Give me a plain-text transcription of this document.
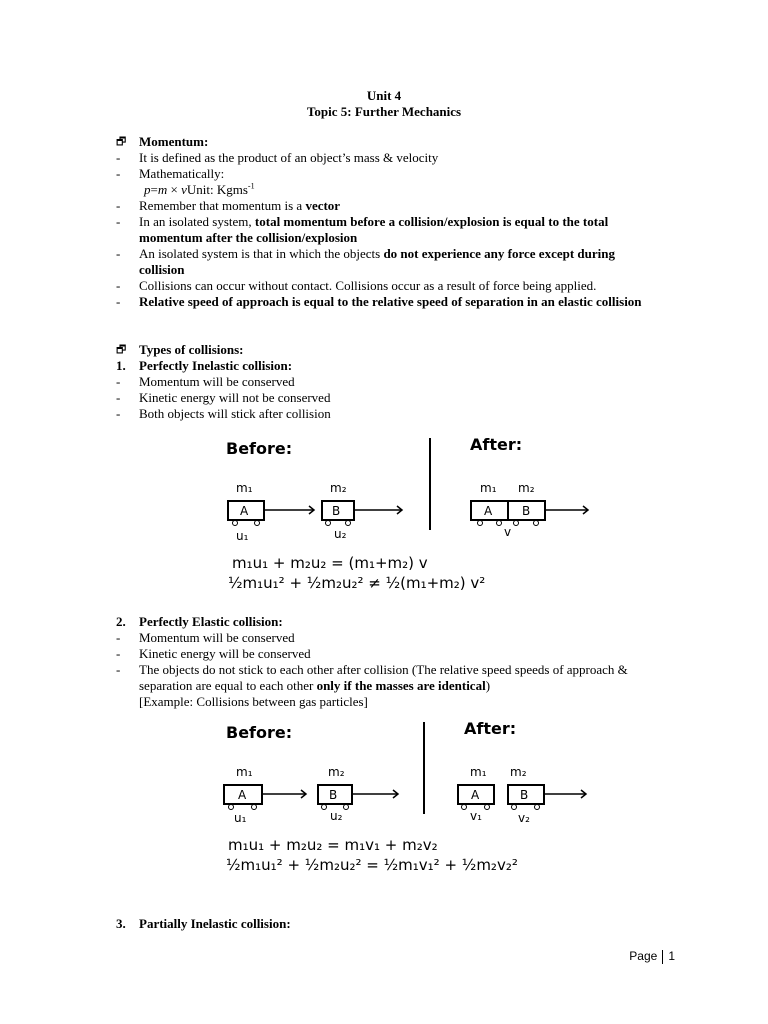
Unit 4
Topic 5: Further Mechanics
🗗 Momentum:
-	It is defined as the product of an object’s mass & velocity
-	Mathematically:
p=m × vUnit: Kgms$^{-1}$
-	Remember that momentum is a vector
-	In an isolated system, total momentum before a collision/explosion is equal to the total momentum after the collision/explosion
-	An isolated system is that in which the objects do not experience any force except during collision
-	Collisions can occur without contact. Collisions occur as a result of force being applied.
-	Relative speed of approach is equal to the relative speed of separation in an elastic collision
🗗 Types of collisions:
1.	Perfectly Inelastic collision:
-	Momentum will be conserved
-	Kinetic energy will not be conserved
-	Both objects will stick after collision
Before:	After:
m₁
A
u₁
m₂
B
u₂
m₁ m₂
A B
v
m₁u₁ + m₂u₂ = (m₁+m₂) v
½m₁u₁² + ½m₂u₂² ≠ ½(m₁+m₂) v²
2.	Perfectly Elastic collision:
-	Momentum will be conserved
-	Kinetic energy will be conserved
-	The objects do not stick to each other after collision (The relative speed speeds of approach & separation are equal to each other only if the masses are identical)
[Example: Collisions between gas particles]
Before:	After:
m₁
A
u₁
m₂
B
u₂
m₁
A
v₁
m₂
B
v₂
m₁u₁ + m₂u₂ = m₁v₁ + m₂v₂
½m₁u₁² + ½m₂u₂² = ½m₁v₁² + ½m₂v₂²
3.	Partially Inelastic collision:
Page 1
